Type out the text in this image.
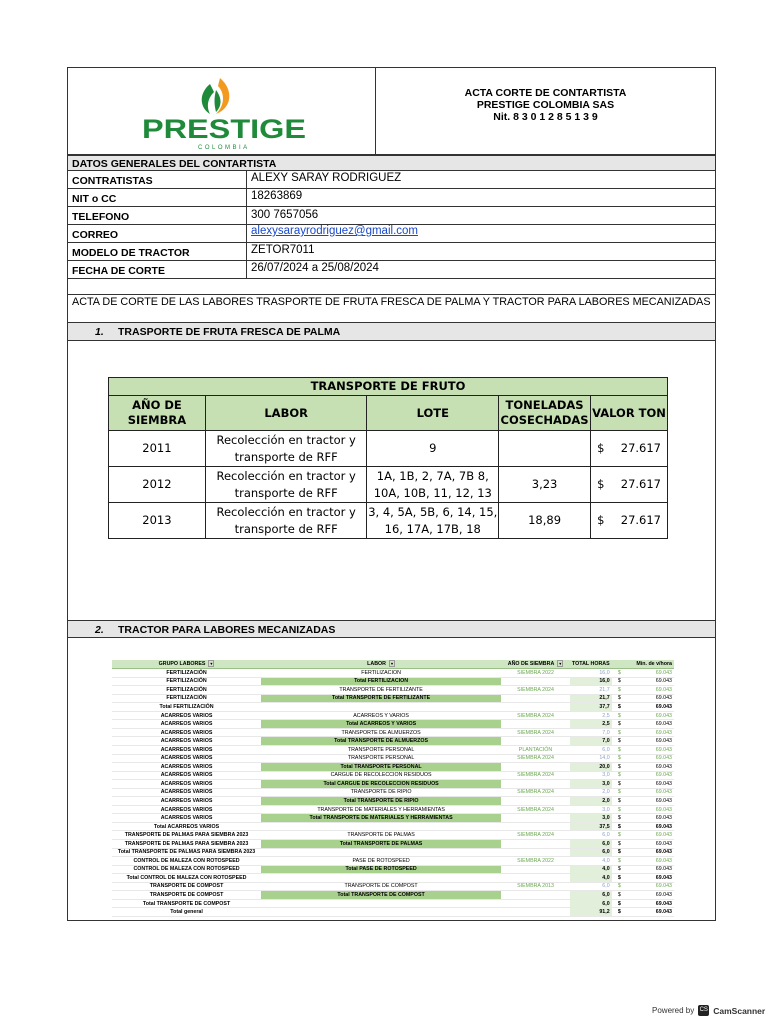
PRESTIGE
COLOMBIA
ACTA CORTE DE CONTARTISTA
PRESTIGE COLOMBIA SAS
Nit. 8 3 0 1 2 8 5 1 3 9
DATOS GENERALES DEL CONTARTISTA
CONTRATISTAS	ALEXY SARAY RODRIGUEZ
NIT o CC	18263869
TELEFONO	300 7657056
CORREO	alexysarayrodriguez@gmail.com
MODELO DE TRACTOR	ZETOR7011
FECHA DE CORTE	26/07/2024 a 25/08/2024
ACTA DE CORTE DE LAS LABORES TRASPORTE DE FRUTA FRESCA DE PALMA Y TRACTOR PARA LABORES MECANIZADAS
1. TRASPORTE DE FRUTA FRESCA DE PALMA
TRANSPORTE DE FRUTO				
AÑO DE SIEMBRA	LABOR	LOTE	TONELADAS COSECHADAS	VALOR TON
2011	Recolección en tractor y transporte de RFF	9		$ 27.617

2012	Recolección en tractor y transporte de RFF	1A, 1B, 2, 7A, 7B 8, 10A, 10B, 11, 12, 13	3,23	$ 27.617

2013	Recolección en tractor y transporte de RFF	3, 4, 5A, 5B, 6, 14, 15, 16, 17A, 17B, 18	18,89	$ 27.617
2. TRACTOR PARA LABORES MECANIZADAS
GRUPO LABORES ▾	LABOR ▾	AÑO DE SIEMBRA ▾	TOTAL HORAS	Min. de v/hora	
FERTILIZACIÓN	FERTILIZACION	SIEMBRA 2022	16,0	$	69.043
FERTILIZACIÓN	Total FERTILIZACION		16,0	$	69.043
FERTILIZACIÓN	TRANSPORTE DE FERTILIZANTE	SIEMBRA 2024	21,7	$	69.043
FERTILIZACIÓN	Total TRANSPORTE DE FERTILIZANTE		21,7	$	69.043
Total FERTILIZACIÓN			37,7	$	69.043
ACARREOS VARIOS	ACARREOS Y VARIOS	SIEMBRA 2024	2,5	$	69.043
ACARREOS VARIOS	Total ACARREOS Y VARIOS		2,5	$	69.043
ACARREOS VARIOS	TRANSPORTE DE ALMUERZOS	SIEMBRA 2024	7,0	$	69.043
ACARREOS VARIOS	Total TRANSPORTE DE ALMUERZOS		7,0	$	69.043
ACARREOS VARIOS	TRANSPORTE PERSONAL	PLANTACIÓN	6,0	$	69.043
ACARREOS VARIOS	TRANSPORTE PERSONAL	SIEMBRA 2024	14,0	$	69.043
ACARREOS VARIOS	Total TRANSPORTE PERSONAL		20,0	$	69.043
ACARREOS VARIOS	CARGUE DE RECOLECCION RESIDUOS	SIEMBRA 2024	3,0	$	69.043
ACARREOS VARIOS	Total CARGUE DE RECOLECCION RESIDUOS		3,0	$	69.043
ACARREOS VARIOS	TRANSPORTE DE RIPIO	SIEMBRA 2024	2,0	$	69.043
ACARREOS VARIOS	Total TRANSPORTE DE RIPIO		2,0	$	69.043
ACARREOS VARIOS	TRANSPORTE DE MATERIALES Y HERRAMIENTAS	SIEMBRA 2024	3,0	$	69.043
ACARREOS VARIOS	Total TRANSPORTE DE MATERIALES Y HERRAMIENTAS		3,0	$	69.043
Total ACARREOS VARIOS			37,5	$	69.043
TRANSPORTE DE PALMAS PARA SIEMBRA 2023	TRANSPORTE DE PALMAS	SIEMBRA 2024	6,0	$	69.043
TRANSPORTE DE PALMAS PARA SIEMBRA 2023	Total TRANSPORTE DE PALMAS		6,0	$	69.043
Total TRANSPORTE DE PALMAS PARA SIEMBRA 2023			6,0	$	69.043
CONTROL DE MALEZA CON ROTOSPEED	PASE DE ROTOSPEED	SIEMBRA 2022	4,0	$	69.043
CONTROL DE MALEZA CON ROTOSPEED	Total PASE DE ROTOSPEED		4,0	$	69.043
Total CONTROL DE MALEZA CON ROTOSPEED			4,0	$	69.043
TRANSPORTE DE COMPOST	TRANSPORTE DE COMPOST	SIEMBRA 2013	6,0	$	69.043
TRANSPORTE DE COMPOST	Total TRANSPORTE DE COMPOST		6,0	$	69.043
Total TRANSPORTE DE COMPOST			6,0	$	69.043
Total general			91,2	$	69.043
Powered by CS CamScanner
